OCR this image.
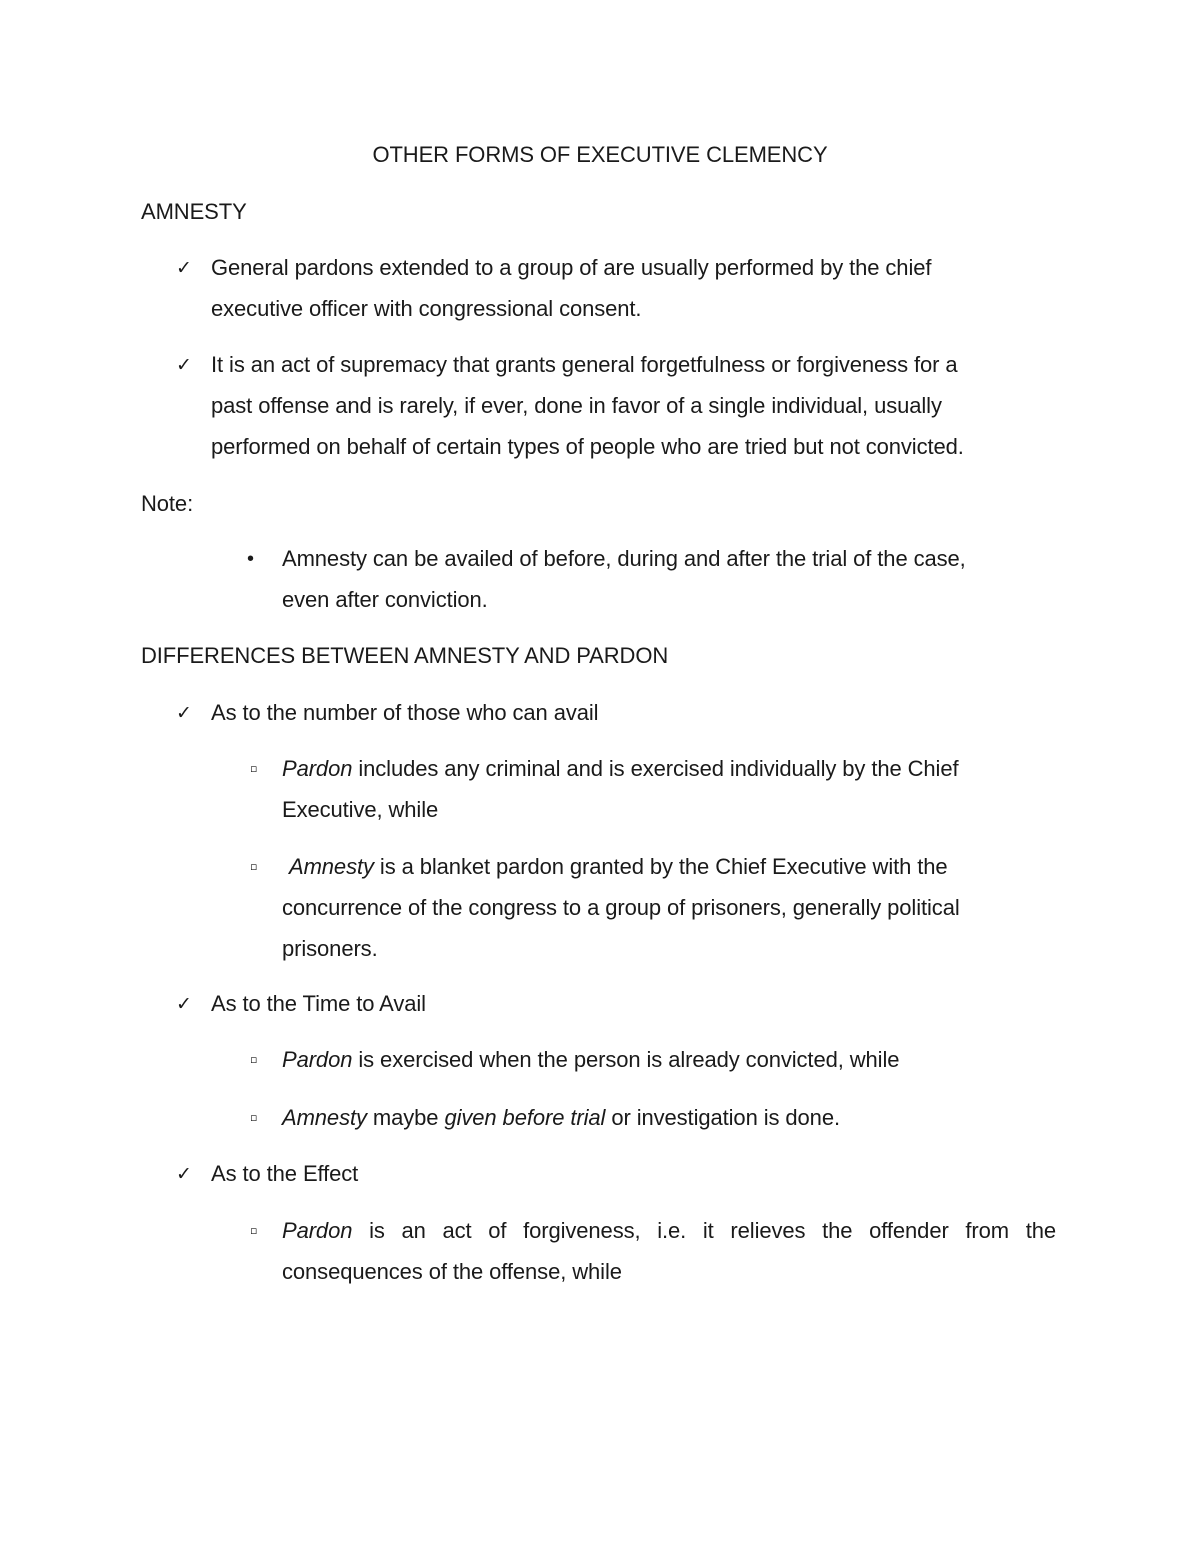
OTHER FORMS OF EXECUTIVE CLEMENCY
AMNESTY
✓ General pardons extended to a group of are usually performed by the chief
executive officer with congressional consent.
✓ It is an act of supremacy that grants general forgetfulness or forgiveness for a
past offense and is rarely, if ever, done in favor of a single individual, usually
performed on behalf of certain types of people who are tried but not convicted.
Note:
• Amnesty can be availed of before, during and after the trial of the case,
even after conviction.
DIFFERENCES BETWEEN AMNESTY AND PARDON
✓ As to the number of those who can avail
▫ Pardon includes any criminal and is exercised individually by the Chief
Executive, while
▫ Amnesty is a blanket pardon granted by the Chief Executive with the
concurrence of the congress to a group of prisoners, generally political
prisoners.
✓ As to the Time to Avail
▫ Pardon is exercised when the person is already convicted, while
▫ Amnesty maybe given before trial or investigation is done.
✓ As to the Effect
▫ Pardon is an act of forgiveness, i.e. it relieves the offender from the
consequences of the offense, while
